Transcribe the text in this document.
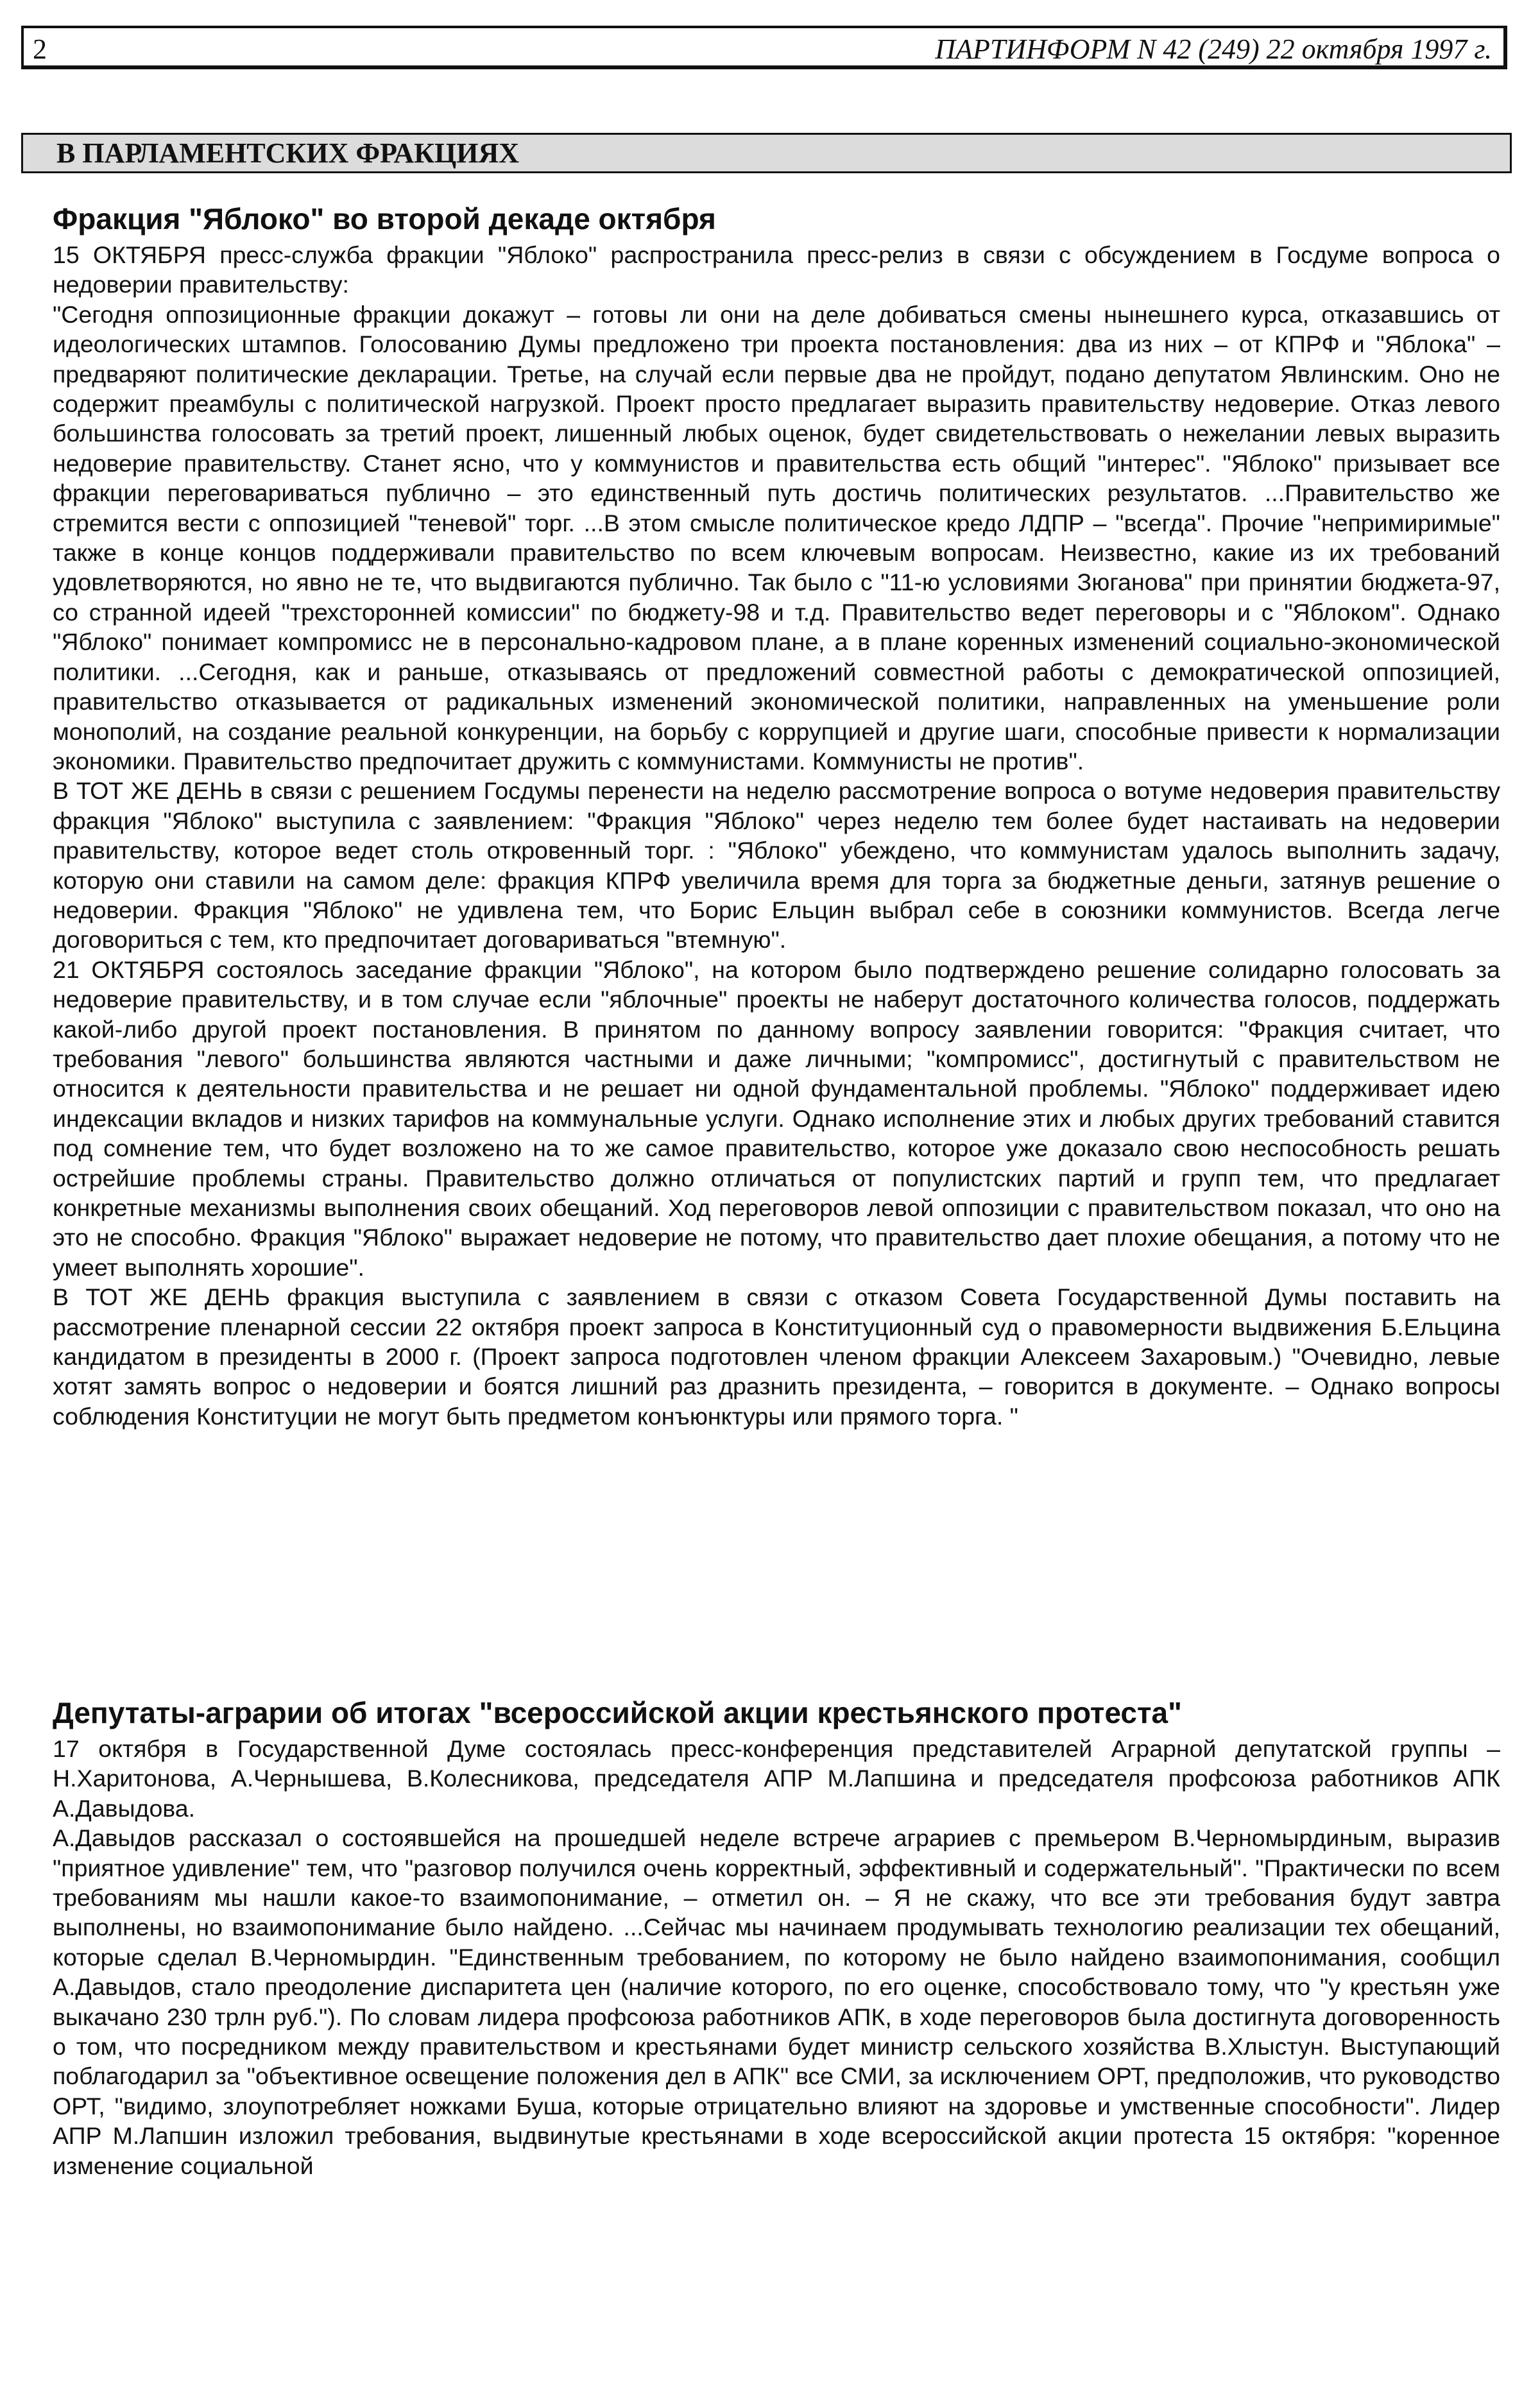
2	ПАРТИНФОРМ N 42 (249) 22 октября 1997 г.
В ПАРЛАМЕНТСКИХ ФРАКЦИЯХ
Фракция "Яблоко" во второй декаде октября

15 ОКТЯБРЯ пресс-служба фракции "Яблоко" распространила пресс-релиз в связи с обсуждением в Госдуме вопроса о недоверии правительству:

"Сегодня оппозиционные фракции докажут – готовы ли они на деле добиваться смены нынешнего курса, отказавшись от идеологических штампов. Голосованию Думы предложено три проекта постановления: два из них – от КПРФ и "Яблока" – предваряют политические декларации. Третье, на случай если первые два не пройдут, подано депутатом Явлинским. Оно не содержит преамбулы с политической нагрузкой. Проект просто предлагает выразить правительству недоверие. Отказ левого большинства голосовать за третий проект, лишенный любых оценок, будет свидетельствовать о нежелании левых выразить недоверие правительству. Станет ясно, что у коммунистов и правительства есть общий "интерес". "Яблоко" призывает все фракции переговариваться публично – это единственный путь достичь политических результатов. ...Правительство же стремится вести с оппозицией "теневой" торг. ...В этом смысле политическое кредо ЛДПР – "всегда". Прочие "непримиримые" также в конце концов поддерживали правительство по всем ключевым вопросам. Неизвестно, какие из их требований удовлетворяются, но явно не те, что выдвигаются публично. Так было с "11-ю условиями Зюганова" при принятии бюджета-97, со странной идеей "трехсторонней комиссии" по бюджету-98 и т.д. Правительство ведет переговоры и с "Яблоком". Однако "Яблоко" понимает компромисс не в персонально-кадровом плане, а в плане коренных изменений социально-экономической политики. ...Сегодня, как и раньше, отказываясь от предложений совместной работы с демократической оппозицией, правительство отказывается от радикальных изменений экономической политики, направленных на уменьшение роли монополий, на создание реальной конкуренции, на борьбу с коррупцией и другие шаги, способные привести к нормализации экономики. Правительство предпочитает дружить с коммунистами. Коммунисты не против".

В ТОТ ЖЕ ДЕНЬ в связи с решением Госдумы перенести на неделю рассмотрение вопроса о вотуме недоверия правительству фракция "Яблоко" выступила с заявлением: "Фракция "Яблоко" через неделю тем более будет настаивать на недоверии правительству, которое ведет столь откровенный торг. : "Яблоко" убеждено, что коммунистам удалось выполнить задачу, которую они ставили на самом деле: фракция КПРФ увеличила время для торга за бюджетные деньги, затянув решение о недоверии. Фракция "Яблоко" не удивлена тем, что Борис Ельцин выбрал себе в союзники коммунистов. Всегда легче договориться с тем, кто предпочитает договариваться "втемную".

21 ОКТЯБРЯ состоялось заседание фракции "Яблоко", на котором было подтверждено решение солидарно голосовать за недоверие правительству, и в том случае если "яблочные" проекты не наберут достаточного количества голосов, поддержать какой-либо другой проект постановления. В принятом по данному вопросу заявлении говорится: "Фракция считает, что требования "левого" большинства являются частными и даже личными; "компромисс", достигнутый с правительством не относится к деятельности правительства и не решает ни одной фундаментальной проблемы. "Яблоко" поддерживает идею индексации вкладов и низких тарифов на коммунальные услуги. Однако исполнение этих и любых других требований ставится под сомнение тем, что будет возложено на то же самое правительство, которое уже доказало свою неспособность решать острейшие проблемы страны. Правительство должно отличаться от популистских партий и групп тем, что предлагает конкретные механизмы выполнения своих обещаний. Ход переговоров левой оппозиции с правительством показал, что оно на это не способно. Фракция "Яблоко" выражает недоверие не потому, что правительство дает плохие обещания, а потому что не умеет выполнять хорошие".

В ТОТ ЖЕ ДЕНЬ фракция выступила с заявлением в связи с отказом Совета Государственной Думы поставить на рассмотрение пленарной сессии 22 октября проект запроса в Конституционный суд о правомерности выдвижения Б.Ельцина кандидатом в президенты в 2000 г. (Проект запроса подготовлен членом фракции Алексеем Захаровым.) "Очевидно, левые хотят замять вопрос о недоверии и боятся лишний раз дразнить президента, – говорится в документе. – Однако вопросы соблюдения Конституции не могут быть предметом конъюнктуры или прямого торга. "

Депутаты-аграрии об итогах "всероссийской акции крестьянского протеста"

17 октября в Государственной Думе состоялась пресс-конференция представителей Аграрной депутатской группы – Н.Харитонова, А.Чернышева, В.Колесникова, председателя АПР М.Лапшина и председателя профсоюза работников АПК А.Давыдова.

А.Давыдов рассказал о состоявшейся на прошедшей неделе встрече аграриев с премьером В.Черномырдиным, выразив "приятное удивление" тем, что "разговор получился очень корректный, эффективный и содержательный". "Практически по всем требованиям мы нашли какое-то взаимопонимание, – отметил он. – Я не скажу, что все эти требования будут завтра выполнены, но взаимопонимание было найдено. ...Сейчас мы начинаем продумывать технологию реализации тех обещаний, которые сделал В.Черномырдин. "Единственным требованием, по которому не было найдено взаимопонимания, сообщил А.Давыдов, стало преодоление диспаритета цен (наличие которого, по его оценке, способствовало тому, что "у крестьян уже выкачано 230 трлн руб."). По словам лидера профсоюза работников АПК, в ходе переговоров была достигнута договоренность о том, что посредником между правительством и крестьянами будет министр сельского хозяйства В.Хлыстун. Выступающий поблагодарил за "объективное освещение положения дел в АПК" все СМИ, за исключением ОРТ, предположив, что руководство ОРТ, "видимо, злоупотребляет ножками Буша, которые отрицательно влияют на здоровье и умственные способности". Лидер АПР М.Лапшин изложил требования, выдвинутые крестьянами в ходе всероссийской акции протеста 15 октября: "коренное изменение социальной
